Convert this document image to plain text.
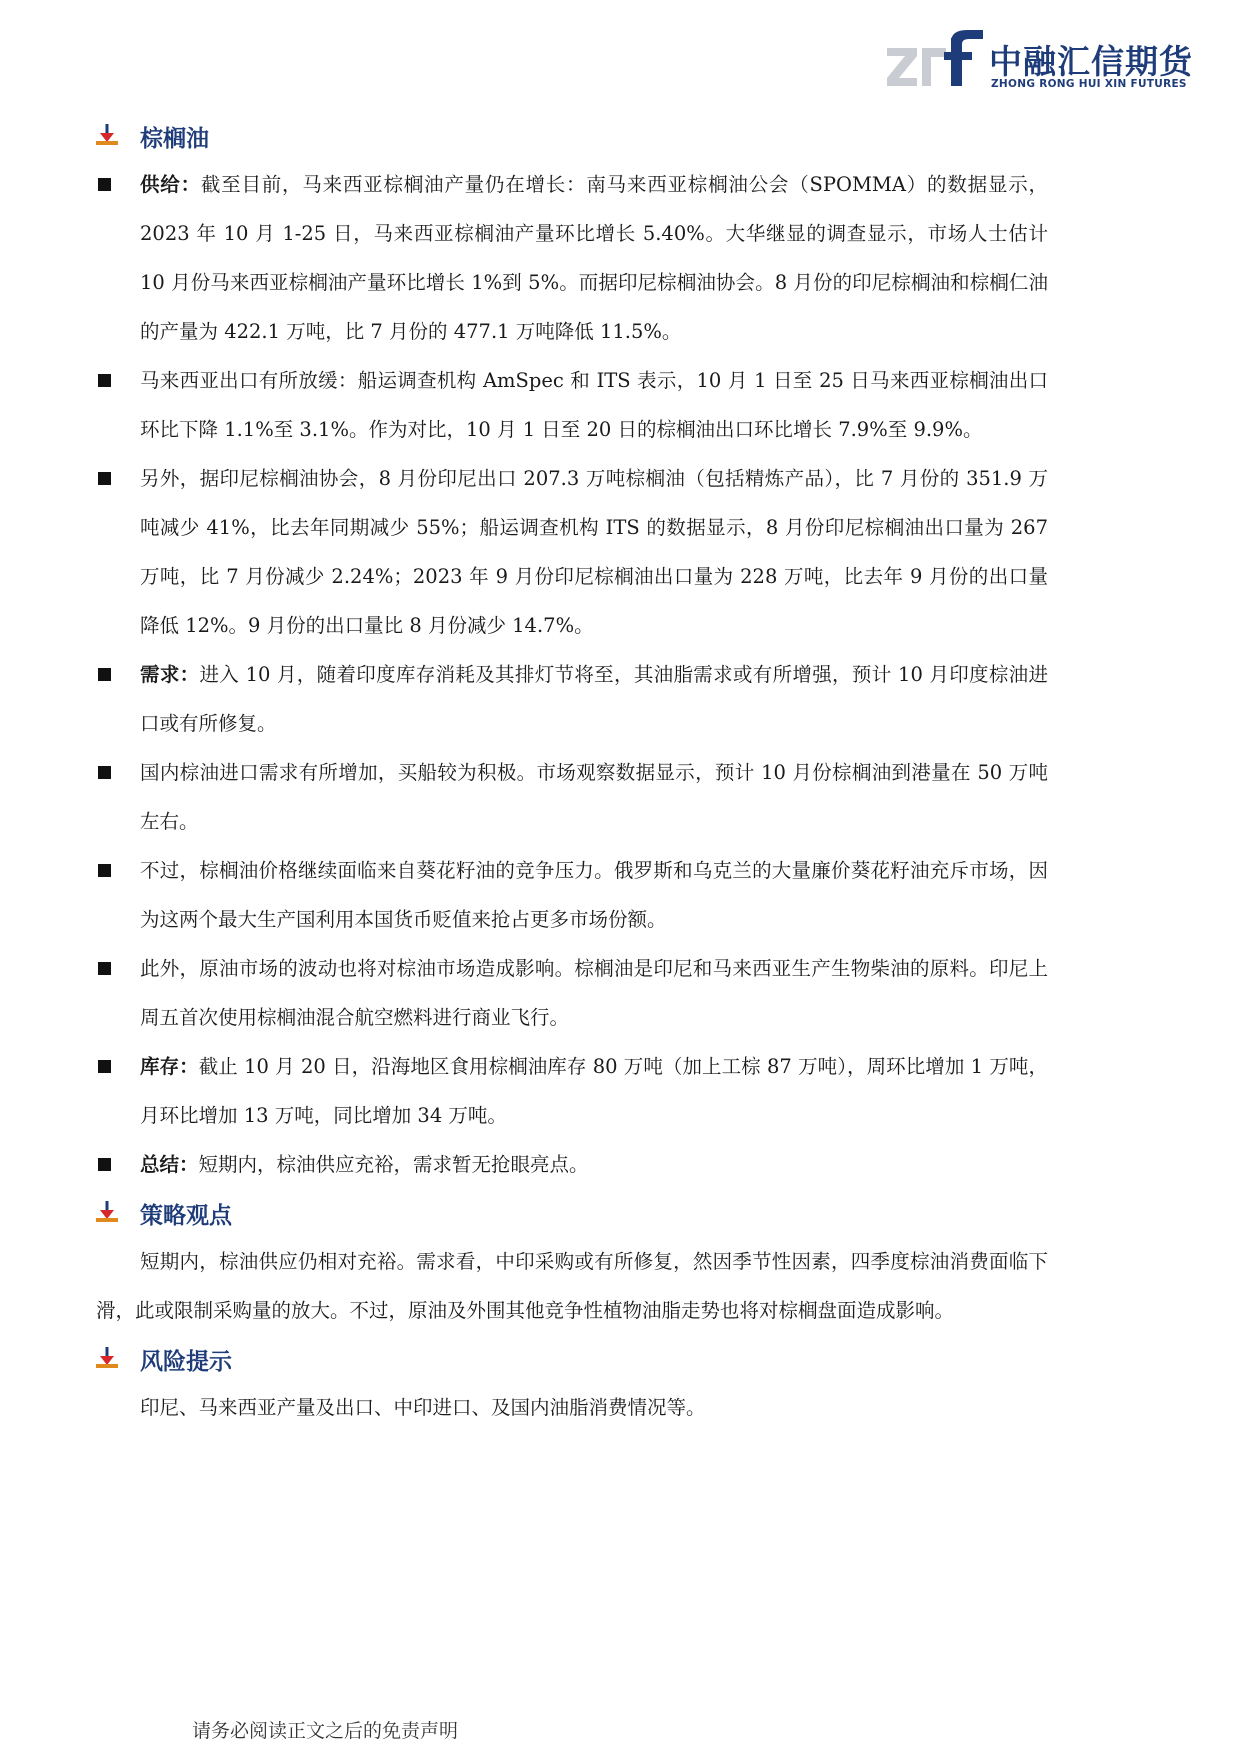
中融汇信期货
ZHONG RONG HUI XIN FUTURES
棕榈油
供给：截至目前，马来西亚棕榈油产量仍在增长：南马来西亚棕榈油公会（SPOMMA）的数据显示，2023 年 10 月 1-25 日，马来西亚棕榈油产量环比增长 5.40%。大华继显的调查显示，市场人士估计 10 月份马来西亚棕榈油产量环比增长 1%到 5%。而据印尼棕榈油协会。8 月份的印尼棕榈油和棕榈仁油的产量为 422.1 万吨，比 7 月份的 477.1 万吨降低 11.5%。
马来西亚出口有所放缓：船运调查机构 AmSpec 和 ITS 表示，10 月 1 日至 25 日马来西亚棕榈油出口环比下降 1.1%至 3.1%。作为对比，10 月 1 日至 20 日的棕榈油出口环比增长 7.9%至 9.9%。
另外，据印尼棕榈油协会，8 月份印尼出口 207.3 万吨棕榈油（包括精炼产品），比 7 月份的 351.9 万吨减少 41%，比去年同期减少 55%；船运调查机构 ITS 的数据显示，8 月份印尼棕榈油出口量为 267 万吨，比 7 月份减少 2.24%；2023 年 9 月份印尼棕榈油出口量为 228 万吨，比去年 9 月份的出口量降低 12%。9 月份的出口量比 8 月份减少 14.7%。
需求：进入 10 月，随着印度库存消耗及其排灯节将至，其油脂需求或有所增强，预计 10 月印度棕油进口或有所修复。
国内棕油进口需求有所增加，买船较为积极。市场观察数据显示，预计 10 月份棕榈油到港量在 50 万吨左右。
不过，棕榈油价格继续面临来自葵花籽油的竞争压力。俄罗斯和乌克兰的大量廉价葵花籽油充斥市场，因为这两个最大生产国利用本国货币贬值来抢占更多市场份额。
此外，原油市场的波动也将对棕油市场造成影响。棕榈油是印尼和马来西亚生产生物柴油的原料。印尼上周五首次使用棕榈油混合航空燃料进行商业飞行。
库存：截止 10 月 20 日，沿海地区食用棕榈油库存 80 万吨（加上工棕 87 万吨），周环比增加 1 万吨，月环比增加 13 万吨，同比增加 34 万吨。
总结：短期内，棕油供应充裕，需求暂无抢眼亮点。
策略观点
短期内，棕油供应仍相对充裕。需求看，中印采购或有所修复，然因季节性因素，四季度棕油消费面临下滑，此或限制采购量的放大。不过，原油及外围其他竞争性植物油脂走势也将对棕榈盘面造成影响。
风险提示
印尼、马来西亚产量及出口、中印进口、及国内油脂消费情况等。
请务必阅读正文之后的免责声明
